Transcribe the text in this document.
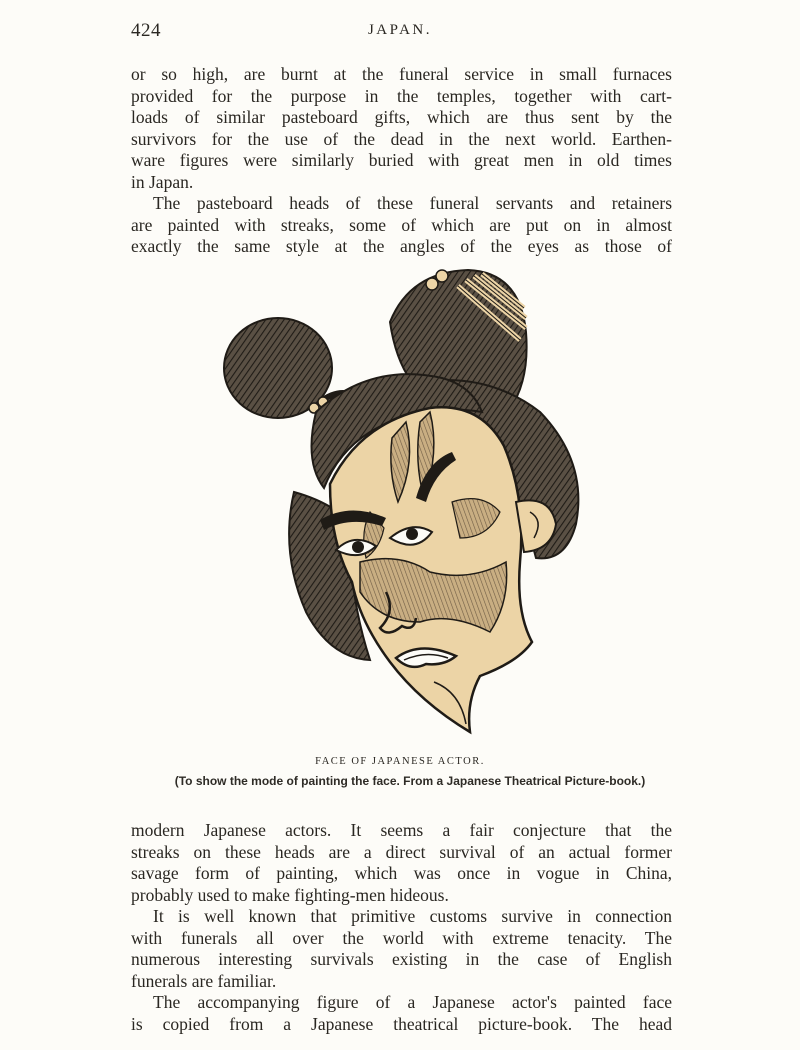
424	JAPAN.
or so high, are burnt at the funeral service in small furnaces
provided for the purpose in the temples, together with cart-
loads of similar pasteboard gifts, which are thus sent by the
survivors for the use of the dead in the next world. Earthen-
ware figures were similarly buried with great men in old times
in Japan.
The pasteboard heads of these funeral servants and retainers
are painted with streaks, some of which are put on in almost
exactly the same style at the angles of the eyes as those of
FACE OF JAPANESE ACTOR.
(To show the mode of painting the face. From a Japanese Theatrical Picture-book.)
modern Japanese actors. It seems a fair conjecture that the
streaks on these heads are a direct survival of an actual former
savage form of painting, which was once in vogue in China,
probably used to make fighting-men hideous.
It is well known that primitive customs survive in connection
with funerals all over the world with extreme tenacity. The
numerous interesting survivals existing in the case of English
funerals are familiar.
The accompanying figure of a Japanese actor's painted face
is copied from a Japanese theatrical picture-book. The head
